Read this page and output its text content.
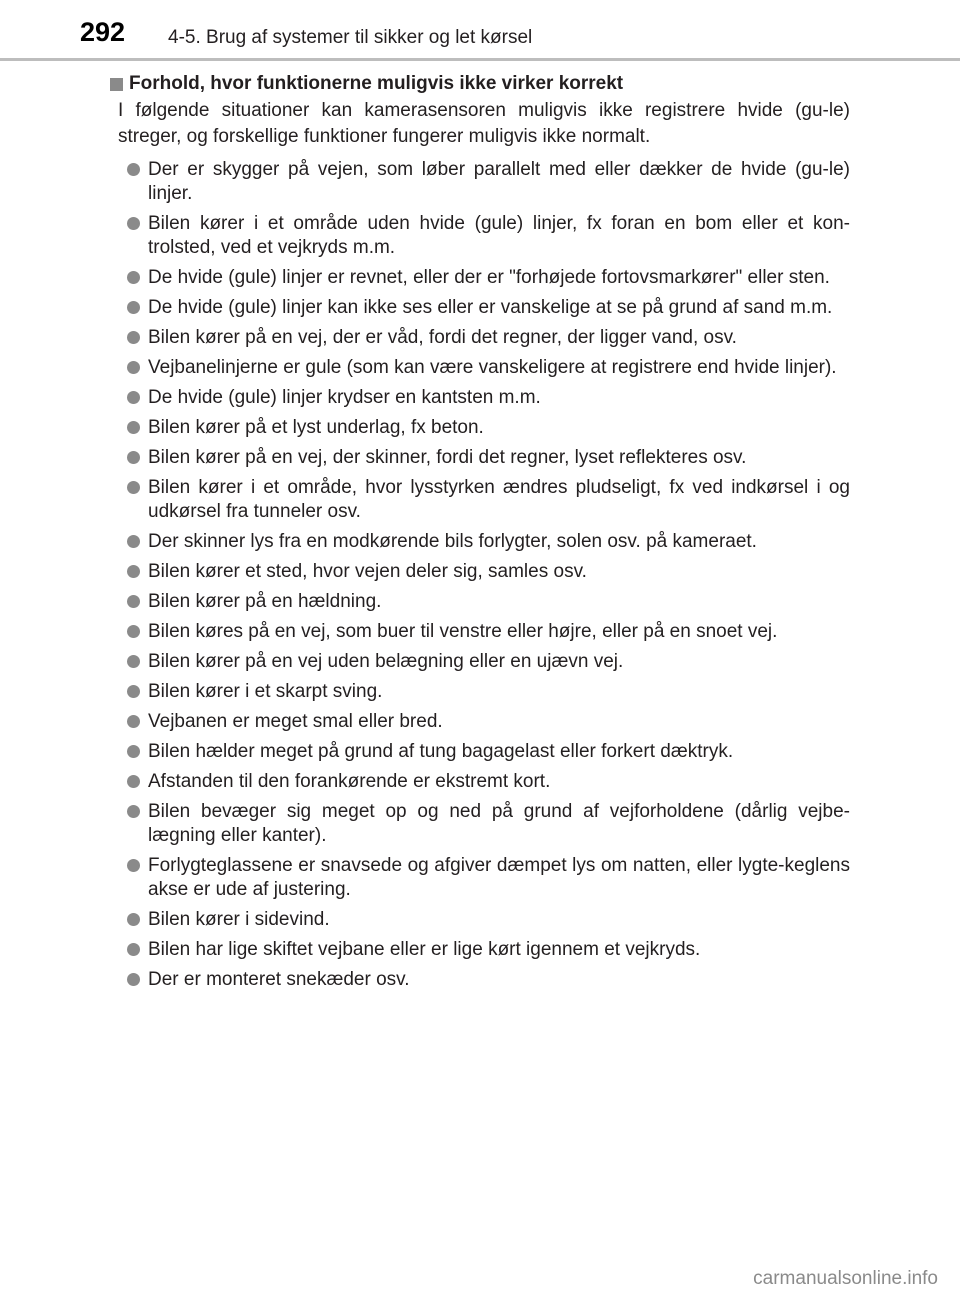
292 4-5. Brug af systemer til sikker og let kørsel
Forhold, hvor funktionerne muligvis ikke virker korrekt
I følgende situationer kan kamerasensoren muligvis ikke registrere hvide (gu-le) streger, og forskellige funktioner fungerer muligvis ikke normalt.
Der er skygger på vejen, som løber parallelt med eller dækker de hvide (gu-le) linjer.
Bilen kører i et område uden hvide (gule) linjer, fx foran en bom eller et kon-trolsted, ved et vejkryds m.m.
De hvide (gule) linjer er revnet, eller der er "forhøjede fortovsmarkører" eller sten.
De hvide (gule) linjer kan ikke ses eller er vanskelige at se på grund af sand m.m.
Bilen kører på en vej, der er våd, fordi det regner, der ligger vand, osv.
Vejbanelinjerne er gule (som kan være vanskeligere at registrere end hvide linjer).
De hvide (gule) linjer krydser en kantsten m.m.
Bilen kører på et lyst underlag, fx beton.
Bilen kører på en vej, der skinner, fordi det regner, lyset reflekteres osv.
Bilen kører i et område, hvor lysstyrken ændres pludseligt, fx ved indkørsel i og udkørsel fra tunneler osv.
Der skinner lys fra en modkørende bils forlygter, solen osv. på kameraet.
Bilen kører et sted, hvor vejen deler sig, samles osv.
Bilen kører på en hældning.
Bilen køres på en vej, som buer til venstre eller højre, eller på en snoet vej.
Bilen kører på en vej uden belægning eller en ujævn vej.
Bilen kører i et skarpt sving.
Vejbanen er meget smal eller bred.
Bilen hælder meget på grund af tung bagagelast eller forkert dæktryk.
Afstanden til den forankørende er ekstremt kort.
Bilen bevæger sig meget op og ned på grund af vejforholdene (dårlig vejbe-lægning eller kanter).
Forlygteglassene er snavsede og afgiver dæmpet lys om natten, eller lygte-keglens akse er ude af justering.
Bilen kører i sidevind.
Bilen har lige skiftet vejbane eller er lige kørt igennem et vejkryds.
Der er monteret snekæder osv.
carmanualsonline.info
